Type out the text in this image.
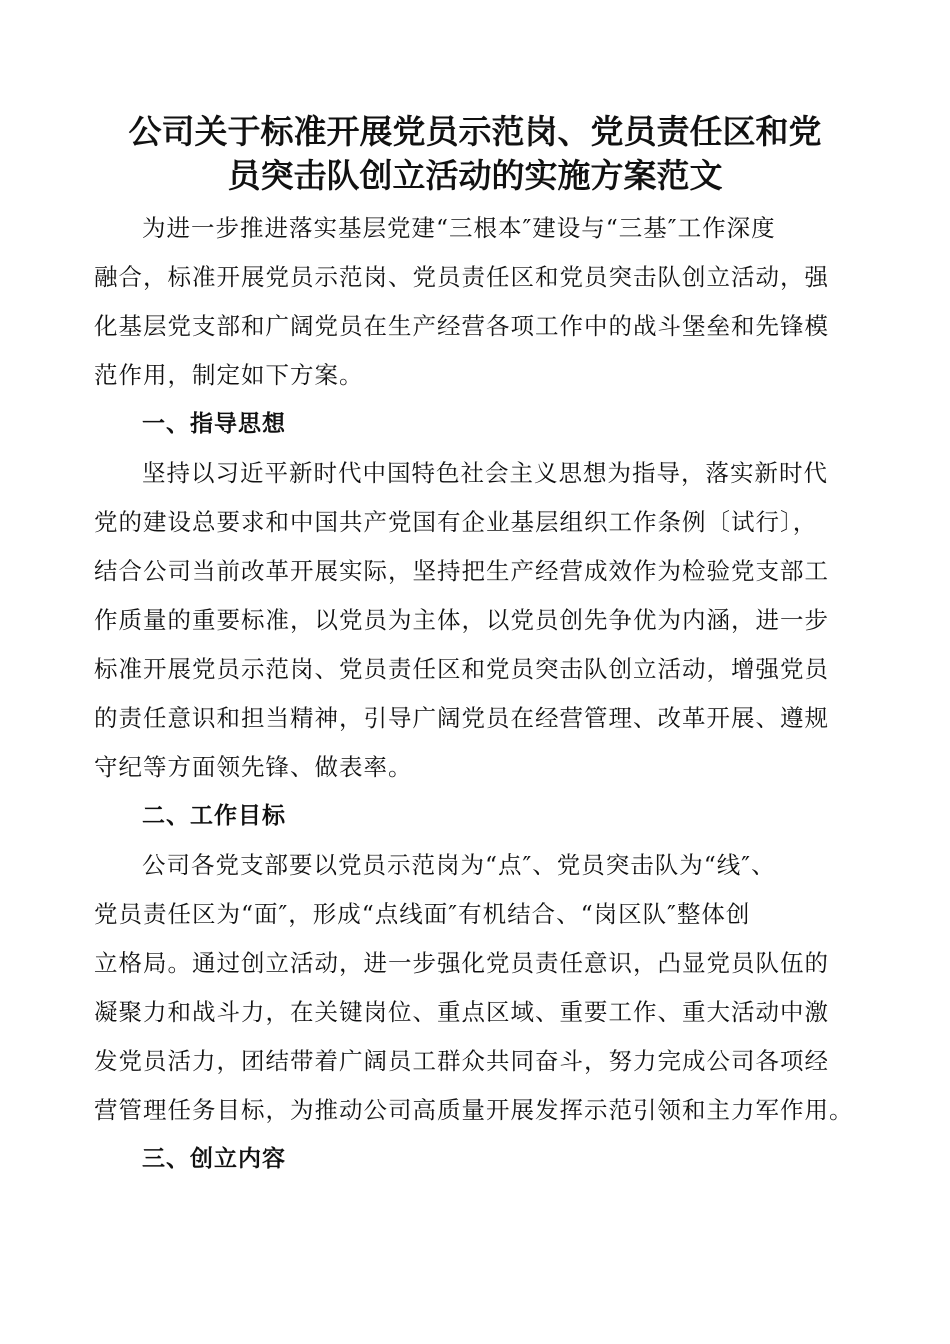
公司关于标准开展党员示范岗、党员责任区和党
员突击队创立活动的实施方案范文

为进一步推进落实基层党建“三根本″建设与“三基″工作深度
融合，标准开展党员示范岗、党员责任区和党员突击队创立活动，强
化基层党支部和广阔党员在生产经营各项工作中的战斗堡垒和先锋模
范作用，制定如下方案。

一、指导思想

坚持以习近平新时代中国特色社会主义思想为指导，落实新时代
党的建设总要求和中国共产党国有企业基层组织工作条例〔试行〕，
结合公司当前改革开展实际，坚持把生产经营成效作为检验党支部工
作质量的重要标准，以党员为主体，以党员创先争优为内涵，进一步
标准开展党员示范岗、党员责任区和党员突击队创立活动，增强党员
的责任意识和担当精神，引导广阔党员在经营管理、改革开展、遵规
守纪等方面领先锋、做表率。

二、工作目标

公司各党支部要以党员示范岗为“点″、党员突击队为“线″、
党员责任区为“面″，形成“点线面″有机结合、“岗区队″整体创
立格局。通过创立活动，进一步强化党员责任意识，凸显党员队伍的
凝聚力和战斗力，在关键岗位、重点区域、重要工作、重大活动中激
发党员活力，团结带着广阔员工群众共同奋斗，努力完成公司各项经
营管理任务目标，为推动公司高质量开展发挥示范引领和主力军作用。

三、创立内容
